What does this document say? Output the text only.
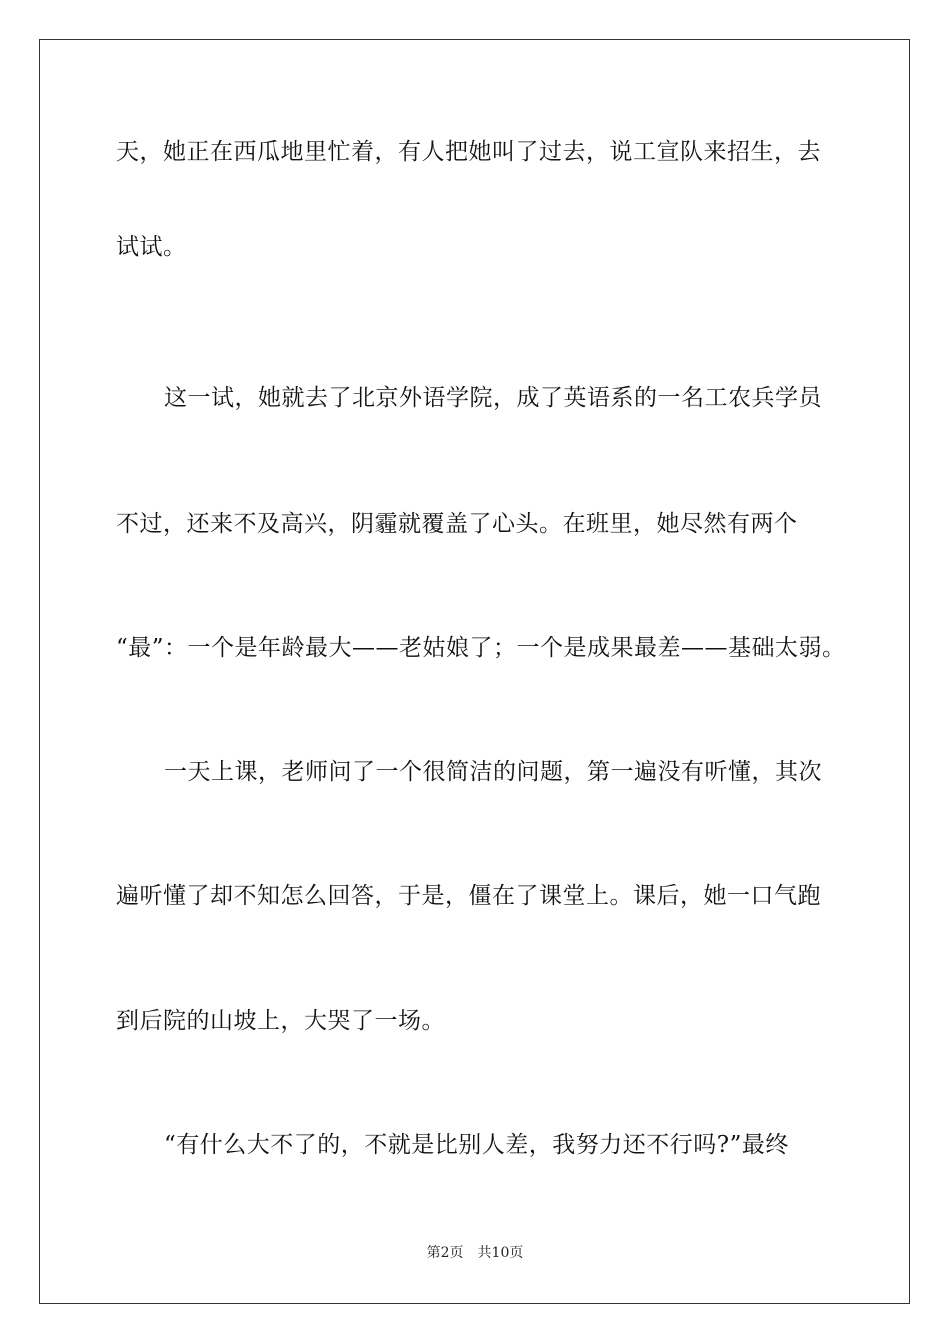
天，她正在西瓜地里忙着，有人把她叫了过去，说工宣队来招生，去
试试。
这一试，她就去了北京外语学院，成了英语系的一名工农兵学员
不过，还来不及高兴，阴霾就覆盖了心头。在班里，她尽然有两个
“最”：一个是年龄最大——老姑娘了；一个是成果最差——基础太弱。
一天上课，老师问了一个很简洁的问题，第一遍没有听懂，其次
遍听懂了却不知怎么回答，于是，僵在了课堂上。课后，她一口气跑
到后院的山坡上，大哭了一场。
“有什么大不了的，不就是比别人差，我努力还不行吗?”最终
第2页 共10页
